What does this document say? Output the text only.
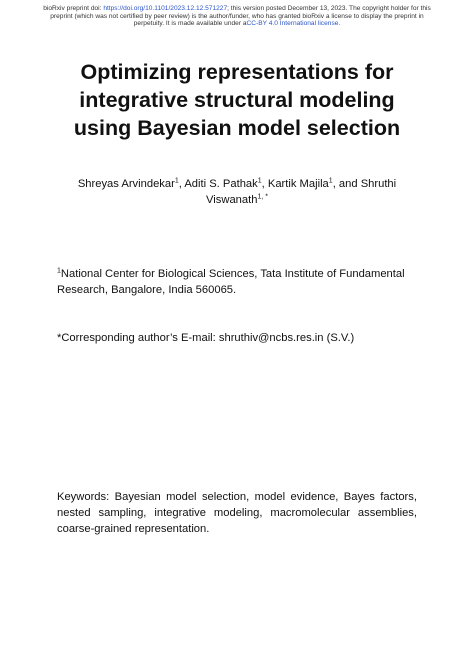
bioRxiv preprint doi: https://doi.org/10.1101/2023.12.12.571227; this version posted December 13, 2023. The copyright holder for this
preprint (which was not certified by peer review) is the author/funder, who has granted bioRxiv a license to display the preprint in
perpetuity. It is made available under aCC-BY 4.0 International license.
Optimizing representations for
integrative structural modeling
using Bayesian model selection
Shreyas Arvindekar$^1$, Aditi S. Pathak$^1$, Kartik Majila$^1$, and Shruthi
Viswanath$^{1, *}$
$^1$National Center for Biological Sciences, Tata Institute of Fundamental Research, Bangalore, India 560065.
*Corresponding author’s E-mail: shruthiv@ncbs.res.in (S.V.)
Keywords: Bayesian model selection, model evidence, Bayes factors, nested sampling, integrative modeling, macromolecular assemblies, coarse-grained representation.
